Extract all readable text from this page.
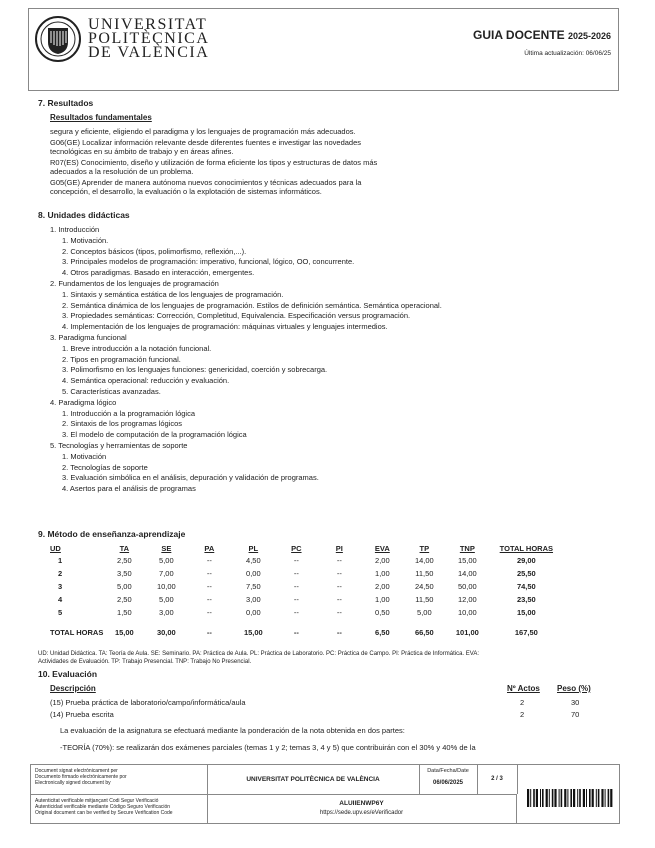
UNIVERSITAT
POLITÈCNICA
DE VALÈNCIA
GUIA DOCENTE 2025-2026
Última actualización: 06/06/25
7. Resultados
Resultados fundamentales
segura y eficiente, eligiendo el paradigma y los lenguajes de programación más adecuados.
G06(GE) Localizar información relevante desde diferentes fuentes e investigar las novedades
tecnológicas en su ámbito de trabajo y en áreas afines.
R07(ES) Conocimiento, diseño y utilización de forma eficiente los tipos y estructuras de datos más
adecuados a la resolución de un problema.
G05(GE) Aprender de manera autónoma nuevos conocimientos y técnicas adecuados para la
concepción, el desarrollo, la evaluación o la explotación de sistemas informáticos.
8. Unidades didácticas
1. Introducción
1. Motivación.
2. Conceptos básicos (tipos, polimorfismo, reflexión,...).
3. Principales modelos de programación: imperativo, funcional, lógico, OO, concurrente.
4. Otros paradigmas. Basado en interacción, emergentes.
2. Fundamentos de los lenguajes de programación
1. Sintaxis y semántica estática de los lenguajes de programación.
2. Semántica dinámica de los lenguajes de programación. Estilos de definición semántica. Semántica operacional.
3. Propiedades semánticas: Corrección, Completitud, Equivalencia. Especificación versus programación.
4. Implementación de los lenguajes de programación: máquinas virtuales y lenguajes intermedios.
3. Paradigma funcional
1. Breve introducción a la notación funcional.
2. Tipos en programación funcional.
3. Polimorfismo en los lenguajes funciones: genericidad, coerción y sobrecarga.
4. Semántica operacional: reducción y evaluación.
5. Características avanzadas.
4. Paradigma lógico
1. Introducción a la programación lógica
2. Sintaxis de los programas lógicos
3. El modelo de computación de la programación lógica
5. Tecnologías y herramientas de soporte
1. Motivación
2. Tecnologías de soporte
3. Evaluación simbólica en el análisis, depuración y validación de programas.
4. Asertos para el análisis de programas
9. Método de enseñanza-aprendizaje
UD	TA	SE	PA	PL	PC	PI	EVA	TP	TNP	TOTAL HORAS
1	2,50	5,00	--	4,50	--	--	2,00	14,00	15,00	29,00
2	3,50	7,00	--	0,00	--	--	1,00	11,50	14,00	25,50
3	5,00	10,00	--	7,50	--	--	2,00	24,50	50,00	74,50
4	2,50	5,00	--	3,00	--	--	1,00	11,50	12,00	23,50
5	1,50	3,00	--	0,00	--	--	0,50	5,00	10,00	15,00
TOTAL HORAS	15,00	30,00	--	15,00	--	--	6,50	66,50	101,00	167,50
UD: Unidad Didáctica. TA: Teoría de Aula. SE: Seminario. PA: Práctica de Aula. PL: Práctica de Laboratorio. PC: Práctica de Campo. PI: Práctica de Informática. EVA:
Actividades de Evaluación. TP: Trabajo Presencial. TNP: Trabajo No Presencial.
10. Evaluación
Descripción	Nº Actos Peso (%)
(15) Prueba práctica de laboratorio/campo/informática/aula	2	30
(14) Prueba escrita	2	70
La evaluación de la asignatura se efectuará mediante la ponderación de la nota obtenida en dos partes:
-TEORÍA (70%): se realizarán dos exámenes parciales (temas 1 y 2; temas 3, 4 y 5) que contribuirán con el 30% y 40% de la
Document signat electrònicament per
Documento firmado electrónicamente por
Electronically signed document by	UNIVERSITAT POLITÈCNICA DE VALÈNCIA
Data/Fecha/Date
06/06/2025
2 / 3
Autenticitat verificable mitjançant Codi Segur Verificació
Autenticidad verificable mediante Código Seguro Verificación
Original document can be verified by Secure Verification Code
ALUIIENWP6Y
https://sede.upv.es/eVerificador
